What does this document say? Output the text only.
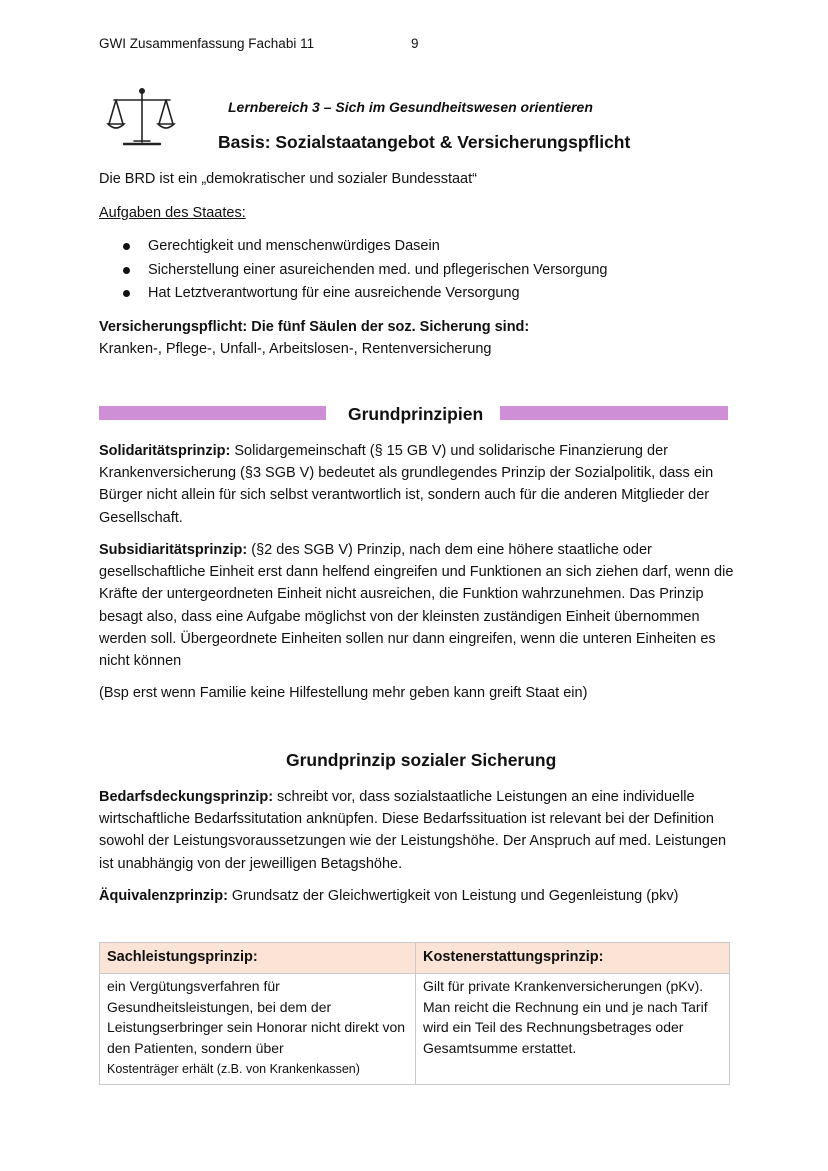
GWI Zusammenfassung Fachabi 11	9
Lernbereich 3 – Sich im Gesundheitswesen orientieren
Basis: Sozialstaatangebot & Versicherungspflicht
Die BRD ist ein „demokratischer und sozialer Bundesstaat“
Aufgaben des Staates:
Gerechtigkeit und menschenwürdiges Dasein
Sicherstellung einer asureichenden med. und pflegerischen Versorgung
Hat Letztverantwortung für eine ausreichende Versorgung
Versicherungspflicht: Die fünf Säulen der soz. Sicherung sind:
Kranken-, Pflege-, Unfall-, Arbeitslosen-, Rentenversicherung
Grundprinzipien
Solidaritätsprinzip: Solidargemeinschaft (§ 15 GB V) und solidarische Finanzierung der Krankenversicherung (§3 SGB V) bedeutet als grundlegendes Prinzip der Sozialpolitik, dass ein Bürger nicht allein für sich selbst verantwortlich ist, sondern auch für die anderen Mitglieder der Gesellschaft.
Subsidiaritätsprinzip: (§2 des SGB V) Prinzip, nach dem eine höhere staatliche oder gesellschaftliche Einheit erst dann helfend eingreifen und Funktionen an sich ziehen darf, wenn die Kräfte der untergeordneten Einheit nicht ausreichen, die Funktion wahrzunehmen. Das Prinzip besagt also, dass eine Aufgabe möglichst von der kleinsten zuständigen Einheit übernommen werden soll. Übergeordnete Einheiten sollen nur dann eingreifen, wenn die unteren Einheiten es nicht können
(Bsp erst wenn Familie keine Hilfestellung mehr geben kann greift Staat ein)
Grundprinzip sozialer Sicherung
Bedarfsdeckungsprinzip: schreibt vor, dass sozialstaatliche Leistungen an eine individuelle wirtschaftliche Bedarfssitutation anknüpfen. Diese Bedarfssituation ist relevant bei der Definition sowohl der Leistungsvoraussetzungen wie der Leistungshöhe. Der Anspruch auf med. Leistungen ist unabhängig von der jeweilligen Betagshöhe.
Äquivalenzprinzip: Grundsatz der Gleichwertigkeit von Leistung und Gegenleistung (pkv)
Sachleistungsprinzip:	Kostenerstattungsprinzip:
ein Vergütungsverfahren für Gesundheitsleistungen, bei dem der Leistungserbringer sein Honorar nicht direkt von den Patienten, sondern über
Kostenträger erhält (z.B. von Krankenkassen)	Gilt für private Krankenversicherungen (pKv). Man reicht die Rechnung ein und je nach Tarif wird ein Teil des Rechnungsbetrages oder Gesamtsumme erstattet.
